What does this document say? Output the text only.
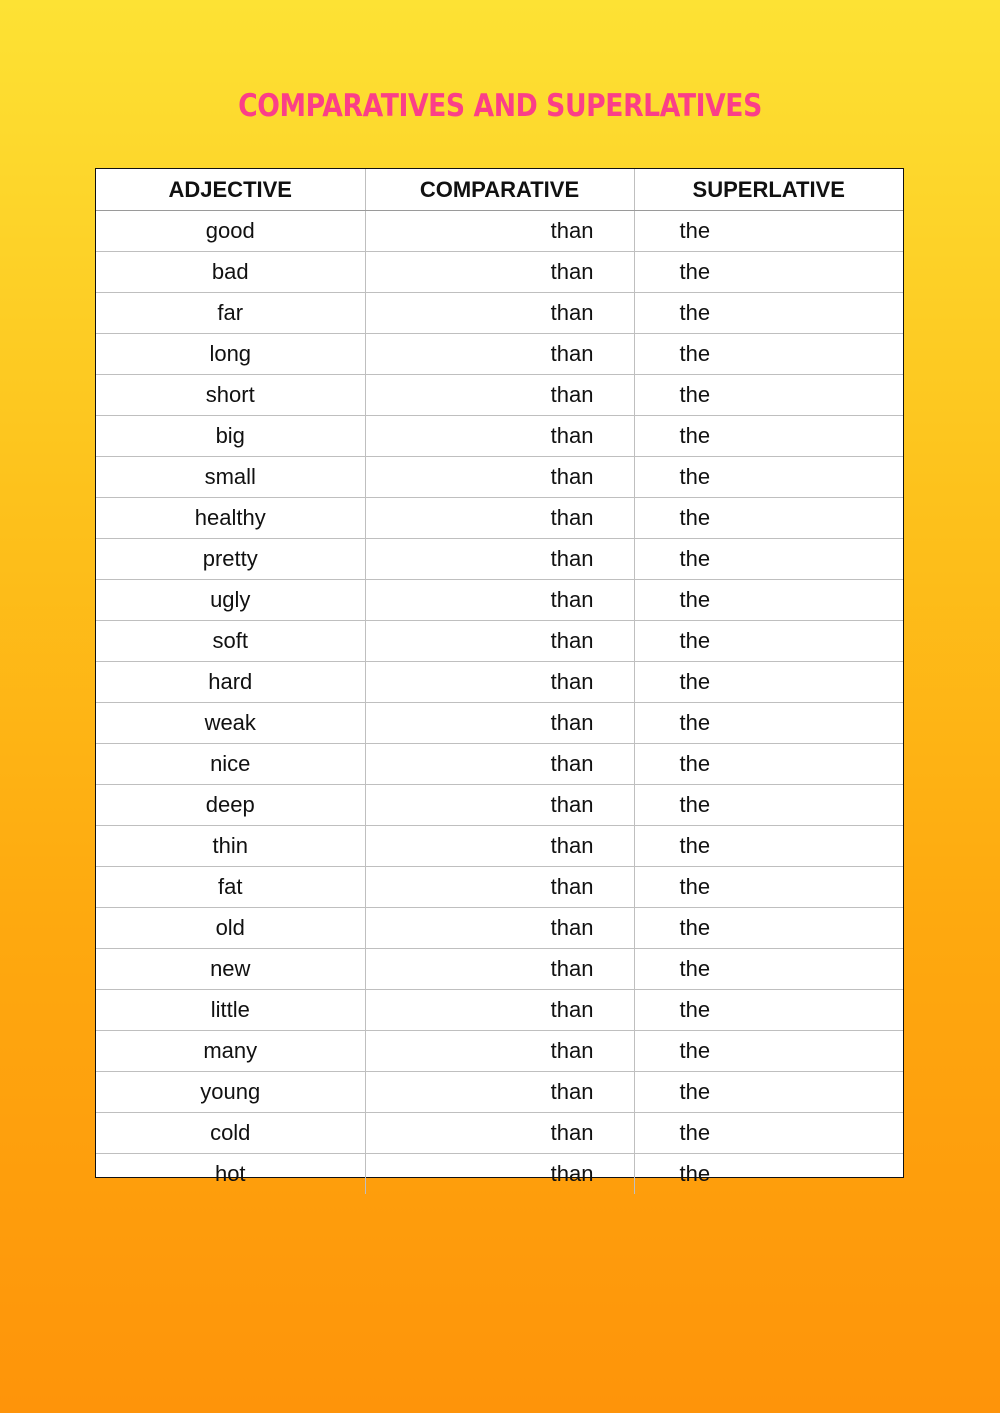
COMPARATIVES AND SUPERLATIVES
ADJECTIVE	COMPARATIVE	SUPERLATIVE
good	than	the
bad	than	the
far	than	the
long	than	the
short	than	the
big	than	the
small	than	the
healthy	than	the
pretty	than	the
ugly	than	the
soft	than	the
hard	than	the
weak	than	the
nice	than	the
deep	than	the
thin	than	the
fat	than	the
old	than	the
new	than	the
little	than	the
many	than	the
young	than	the
cold	than	the
hot	than	the
